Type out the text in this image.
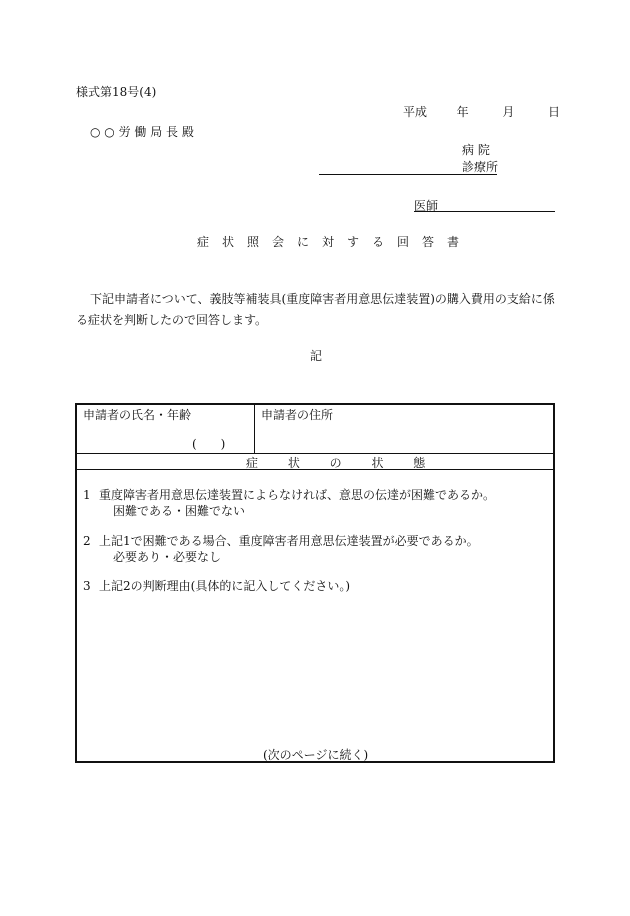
様式第18号(4)
平成 年	月	日
○ ○ 労 働 局 長 殿
病 院
診療所
医師
症状照会に対する回答書
下記申請者について、義肢等補装具(重度障害者用意思伝達装置)の購入費用の支給に係
る症状を判断したので回答します。
記
申請者の氏名・年齢
(　　)
申請者の住所
症 状 の 状 態
1 重度障害者用意思伝達装置によらなければ、意思の伝達が困難であるか。
困難である・困難でない
2 上記1で困難である場合、重度障害者用意思伝達装置が必要であるか。
必要あり・必要なし
3 上記2の判断理由(具体的に記入してください。)
(次のページに続く)
